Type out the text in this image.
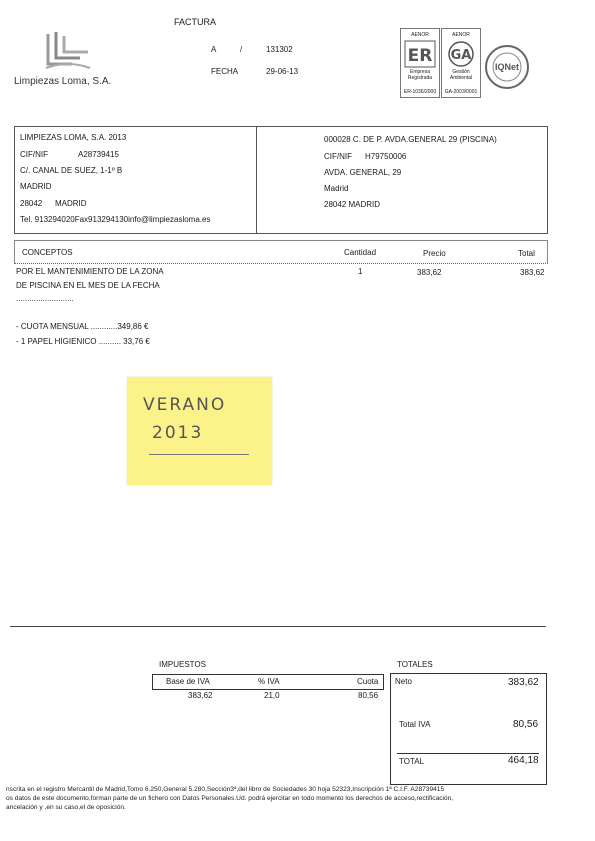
FACTURA
Limpiezas Loma, S.A.
A	/	131302
FECHA	29-06-13
AENOR
ER
Empresa Registrada
ER-1036/2000
AENOR
GA
Gestión Ambiental
GA-2003/0001
IQNet
LIMPIEZAS LOMA, S.A. 2013
CIF/NIF	A28739415
C/. CANAL DE SUEZ, 1-1º B
MADRID
28042 MADRID
Tel. 913294020Fax913294130info@limpiezasloma.es
000028 C. DE P. AVDA.GENERAL 29 (PISCINA)
CIF/NIF H79750006
AVDA. GENERAL, 29
Madrid
28042 MADRID
CONCEPTOS	Cantidad	Precio	Total
POR EL MANTENIMIENTO DE LA ZONA
DE PISCINA EN EL MES DE LA FECHA
..........................
1	383,62	383,62
- CUOTA MENSUAL ............349,86 €
- 1 PAPEL HIGIENICO .......... 33,76 €
VERANO
2013
IMPUESTOS
Base de IVA	% IVA	Cuota
383,62	21,0	80,56
TOTALES
Neto	383,62
Total IVA	80,56
TOTAL	464,18
nscrita en el registro Mercantil de Madrid,Tomo 6.250,General 5.280,Sección3ª,del libro de Sociedades 30 hoja 52323,Inscripción 1ª C.I.F. A28739415
os datos de este documento,forman parte de un fichero con Datos Personales.Ud. podrá ejercitar en todo momento los derechos de acceso,rectificación,
ancelación y ,en su caso,el de oposición.
